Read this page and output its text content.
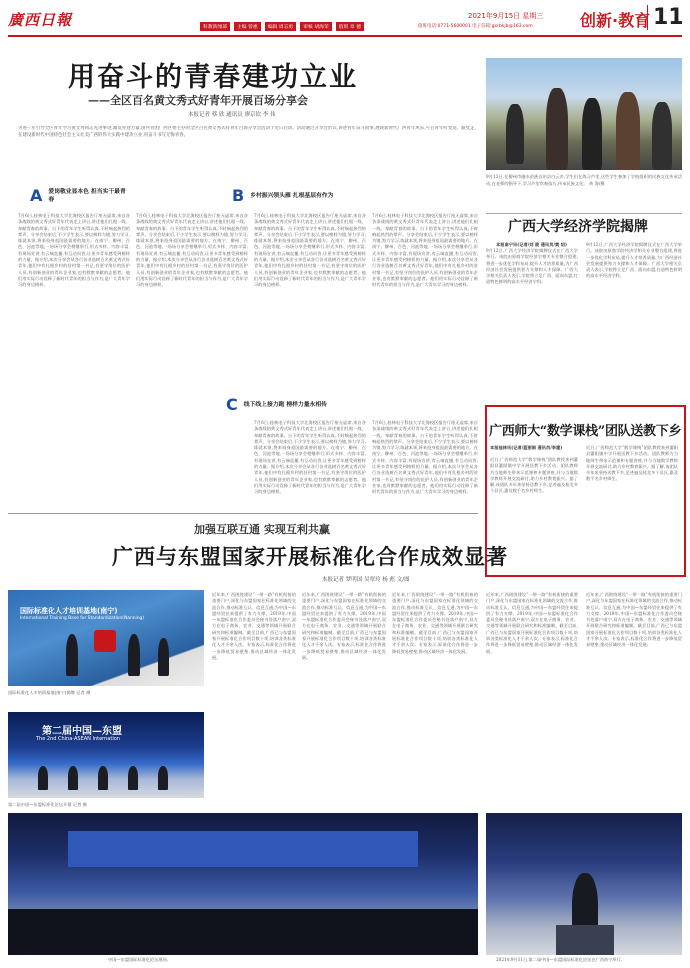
廣西日報	科教新闻部	主编 曾惠	编辑 周志勇	审核 胡海荣	值班 章 德
2021年9月15日 星期三
值班电话:0771-5600001 电子信箱:gxrbkjb@163.com	创新·教育 11
用奋斗的青春建功立业
——全区百名黄文秀式好青年开展百场分享会
本报记者 蔡 欣 通讯员 廖京钦 李 伟
为进一步引导全区青年学习黄文秀同志先进事迹,激发青春力量,由共青团广西区委主办的全区百名黄文秀式好青年百场分享会活动于近日启动。活动通过分享会形式,讲述青年奋斗故事,展现新时代广西青年风采,号召青年听党话、跟党走,在建设新时代中国特色社会主义壮美广西的伟大实践中建功立业,用奋斗书写无悔青春。
A 爱岗敬业显本色 担当实干最青春
7月6日,桂林电子科技大学北海校区报告厅座无虚席,来自各条战线的黄文秀式好青年代表走上讲台,讲述他们扎根一线、奉献青春的故事。台下的青年学生听得认真,不时响起热烈的掌声。分享会结束后,不少学生表示,要以榜样为镜,努力学习,练就本领,将来投身祖国最需要的地方。在南宁、柳州、百色、河池等地,一场场分享会相继举行,形式多样、内容丰富,有现场宣讲,有云端直播,有互动问答,让更多青年感受到榜样的力量。据介绍,本次分享会从各行各业选树百名黄文秀式好青年,他们中有扎根乡村的驻村第一书记,有坚守岗位的医护人员,有创新创业的青年企业家,也有默默奉献的志愿者。他们用实际行动诠释了新时代青年的担当与作为,是广大青年学习的身边榜样。
7月6日,桂林电子科技大学北海校区报告厅座无虚席,来自各条战线的黄文秀式好青年代表走上讲台,讲述他们扎根一线、奉献青春的故事。台下的青年学生听得认真,不时响起热烈的掌声。分享会结束后,不少学生表示,要以榜样为镜,努力学习,练就本领,将来投身祖国最需要的地方。在南宁、柳州、百色、河池等地,一场场分享会相继举行,形式多样、内容丰富,有现场宣讲,有云端直播,有互动问答,让更多青年感受到榜样的力量。据介绍,本次分享会从各行各业选树百名黄文秀式好青年,他们中有扎根乡村的驻村第一书记,有坚守岗位的医护人员,有创新创业的青年企业家,也有默默奉献的志愿者。他们用实际行动诠释了新时代青年的担当与作为,是广大青年学习的身边榜样。
B 乡村振兴领头雁 扎根基层有作为
7月6日,桂林电子科技大学北海校区报告厅座无虚席,来自各条战线的黄文秀式好青年代表走上讲台,讲述他们扎根一线、奉献青春的故事。台下的青年学生听得认真,不时响起热烈的掌声。分享会结束后,不少学生表示,要以榜样为镜,努力学习,练就本领,将来投身祖国最需要的地方。在南宁、柳州、百色、河池等地,一场场分享会相继举行,形式多样、内容丰富,有现场宣讲,有云端直播,有互动问答,让更多青年感受到榜样的力量。据介绍,本次分享会从各行各业选树百名黄文秀式好青年,他们中有扎根乡村的驻村第一书记,有坚守岗位的医护人员,有创新创业的青年企业家,也有默默奉献的志愿者。他们用实际行动诠释了新时代青年的担当与作为,是广大青年学习的身边榜样。
7月6日,桂林电子科技大学北海校区报告厅座无虚席,来自各条战线的黄文秀式好青年代表走上讲台,讲述他们扎根一线、奉献青春的故事。台下的青年学生听得认真,不时响起热烈的掌声。分享会结束后,不少学生表示,要以榜样为镜,努力学习,练就本领,将来投身祖国最需要的地方。在南宁、柳州、百色、河池等地,一场场分享会相继举行,形式多样、内容丰富,有现场宣讲,有云端直播,有互动问答,让更多青年感受到榜样的力量。据介绍,本次分享会从各行各业选树百名黄文秀式好青年,他们中有扎根乡村的驻村第一书记,有坚守岗位的医护人员,有创新创业的青年企业家,也有默默奉献的志愿者。他们用实际行动诠释了新时代青年的担当与作为,是广大青年学习的身边榜样。
C 线下线上接力跑 榜样力量永相传
7月6日,桂林电子科技大学北海校区报告厅座无虚席,来自各条战线的黄文秀式好青年代表走上讲台,讲述他们扎根一线、奉献青春的故事。台下的青年学生听得认真,不时响起热烈的掌声。分享会结束后,不少学生表示,要以榜样为镜,努力学习,练就本领,将来投身祖国最需要的地方。在南宁、柳州、百色、河池等地,一场场分享会相继举行,形式多样、内容丰富,有现场宣讲,有云端直播,有互动问答,让更多青年感受到榜样的力量。据介绍,本次分享会从各行各业选树百名黄文秀式好青年,他们中有扎根乡村的驻村第一书记,有坚守岗位的医护人员,有创新创业的青年企业家,也有默默奉献的志愿者。他们用实际行动诠释了新时代青年的担当与作为,是广大青年学习的身边榜样。
7月6日,桂林电子科技大学北海校区报告厅座无虚席,来自各条战线的黄文秀式好青年代表走上讲台,讲述他们扎根一线、奉献青春的故事。台下的青年学生听得认真,不时响起热烈的掌声。分享会结束后,不少学生表示,要以榜样为镜,努力学习,练就本领,将来投身祖国最需要的地方。在南宁、柳州、百色、河池等地,一场场分享会相继举行,形式多样、内容丰富,有现场宣讲,有云端直播,有互动问答,让更多青年感受到榜样的力量。据介绍,本次分享会从各行各业选树百名黄文秀式好青年,他们中有扎根乡村的驻村第一书记,有坚守岗位的医护人员,有创新创业的青年企业家,也有默默奉献的志愿者。他们用实际行动诠释了新时代青年的担当与作为,是广大青年学习的身边榜样。
9月13日,在柳州市融水苗族自治县白云乡,学生们在练习芦笙,这些学生参加了学校组织的民族文化传承活动,在老师的指导下,学习芦笙吹奏技巧,传承民族文化。 黄 海/摄
广西大学经济学院揭牌
本报南宁讯(记者/刘 筱 通讯员/黄 绍)
9月12日,广西大学经济学院揭牌仪式在广西大学举行。该院由原商学院经济学相关专业整合组建,将进一步优化学科布局,提升人才培养质量,为广西经济社会发展提供智力支撑和人才保障。广西大学相关负责人表示,学院将立足广西、面向东盟,打造特色鲜明的高水平经济学科。
9月12日,广西大学经济学院揭牌仪式在广西大学举行。该院由原商学院经济学相关专业整合组建,将进一步优化学科布局,提升人才培养质量,为广西经济社会发展提供智力支撑和人才保障。广西大学相关负责人表示,学院将立足广西、面向东盟,打造特色鲜明的高水平经济学科。
广西师大“数学课栈”团队送教下乡
本报桂林讯(记者/蓝丽娟 通讯员/李建)
近日,广西师范大学“数学课栈”团队教授来到灌阳县灌阳镇中学开展送教下乡活动。团队教师为当地师生带来示范课和专题讲座,并与当地数学教师开展交流研讨,助力乡村教育振兴。据了解,该团队多年来坚持送教下乡,足迹遍及桂北多个县区,惠及数千名乡村师生。
近日,广西师范大学“数学课栈”团队教授来到灌阳县灌阳镇中学开展送教下乡活动。团队教师为当地师生带来示范课和专题讲座,并与当地数学教师开展交流研讨,助力乡村教育振兴。据了解,该团队多年来坚持送教下乡,足迹遍及桂北多个县区,惠及数千名乡村师生。
加强互联互通 实现互利共赢
广西与东盟国家开展标准化合作成效显著
本报记者 覃明国 吴翠玲 杨 彪 文/图
国际标准化人才培训基地(南宁)
International Training Base for Standardization(Nanning)
国际标准化人才培训基地(南宁)揭牌 记者 摄
第二届中国—东盟
The 2nd China-ASEAN Internation
第二届中国—东盟标准化论坛开幕 记者 摄
近年来,广西围绕建设“一带一路”有机衔接的重要门户,深化与东盟国家在标准化领域的交流合作,推动标准互认、信息互通,为中国—东盟经贸往来提供了有力支撑。2019年,中国—东盟标准化合作委员会秘书处落户南宁,双方在电子商务、农业、交通等领域开展联合研究和标准编制。截至目前,广西已与东盟国家开展标准化合作项目数十项,培训各类标准化人才千余人次。专家表示,标准化合作将进一步降低贸易壁垒,推动区域经济一体化发展。
近年来,广西围绕建设“一带一路”有机衔接的重要门户,深化与东盟国家在标准化领域的交流合作,推动标准互认、信息互通,为中国—东盟经贸往来提供了有力支撑。2019年,中国—东盟标准化合作委员会秘书处落户南宁,双方在电子商务、农业、交通等领域开展联合研究和标准编制。截至目前,广西已与东盟国家开展标准化合作项目数十项,培训各类标准化人才千余人次。专家表示,标准化合作将进一步降低贸易壁垒,推动区域经济一体化发展。
近年来,广西围绕建设“一带一路”有机衔接的重要门户,深化与东盟国家在标准化领域的交流合作,推动标准互认、信息互通,为中国—东盟经贸往来提供了有力支撑。2019年,中国—东盟标准化合作委员会秘书处落户南宁,双方在电子商务、农业、交通等领域开展联合研究和标准编制。截至目前,广西已与东盟国家开展标准化合作项目数十项,培训各类标准化人才千余人次。专家表示,标准化合作将进一步降低贸易壁垒,推动区域经济一体化发展。
近年来,广西围绕建设“一带一路”有机衔接的重要门户,深化与东盟国家在标准化领域的交流合作,推动标准互认、信息互通,为中国—东盟经贸往来提供了有力支撑。2019年,中国—东盟标准化合作委员会秘书处落户南宁,双方在电子商务、农业、交通等领域开展联合研究和标准编制。截至目前,广西已与东盟国家开展标准化合作项目数十项,培训各类标准化人才千余人次。专家表示,标准化合作将进一步降低贸易壁垒,推动区域经济一体化发展。
近年来,广西围绕建设“一带一路”有机衔接的重要门户,深化与东盟国家在标准化领域的交流合作,推动标准互认、信息互通,为中国—东盟经贸往来提供了有力支撑。2019年,中国—东盟标准化合作委员会秘书处落户南宁,双方在电子商务、农业、交通等领域开展联合研究和标准编制。截至目前,广西已与东盟国家开展标准化合作项目数十项,培训各类标准化人才千余人次。专家表示,标准化合作将进一步降低贸易壁垒,推动区域经济一体化发展。
中国—东盟国际标准化论坛现场。	2021年9月11日,第二届中国—东盟国际标准化论坛在广西南宁举行。
